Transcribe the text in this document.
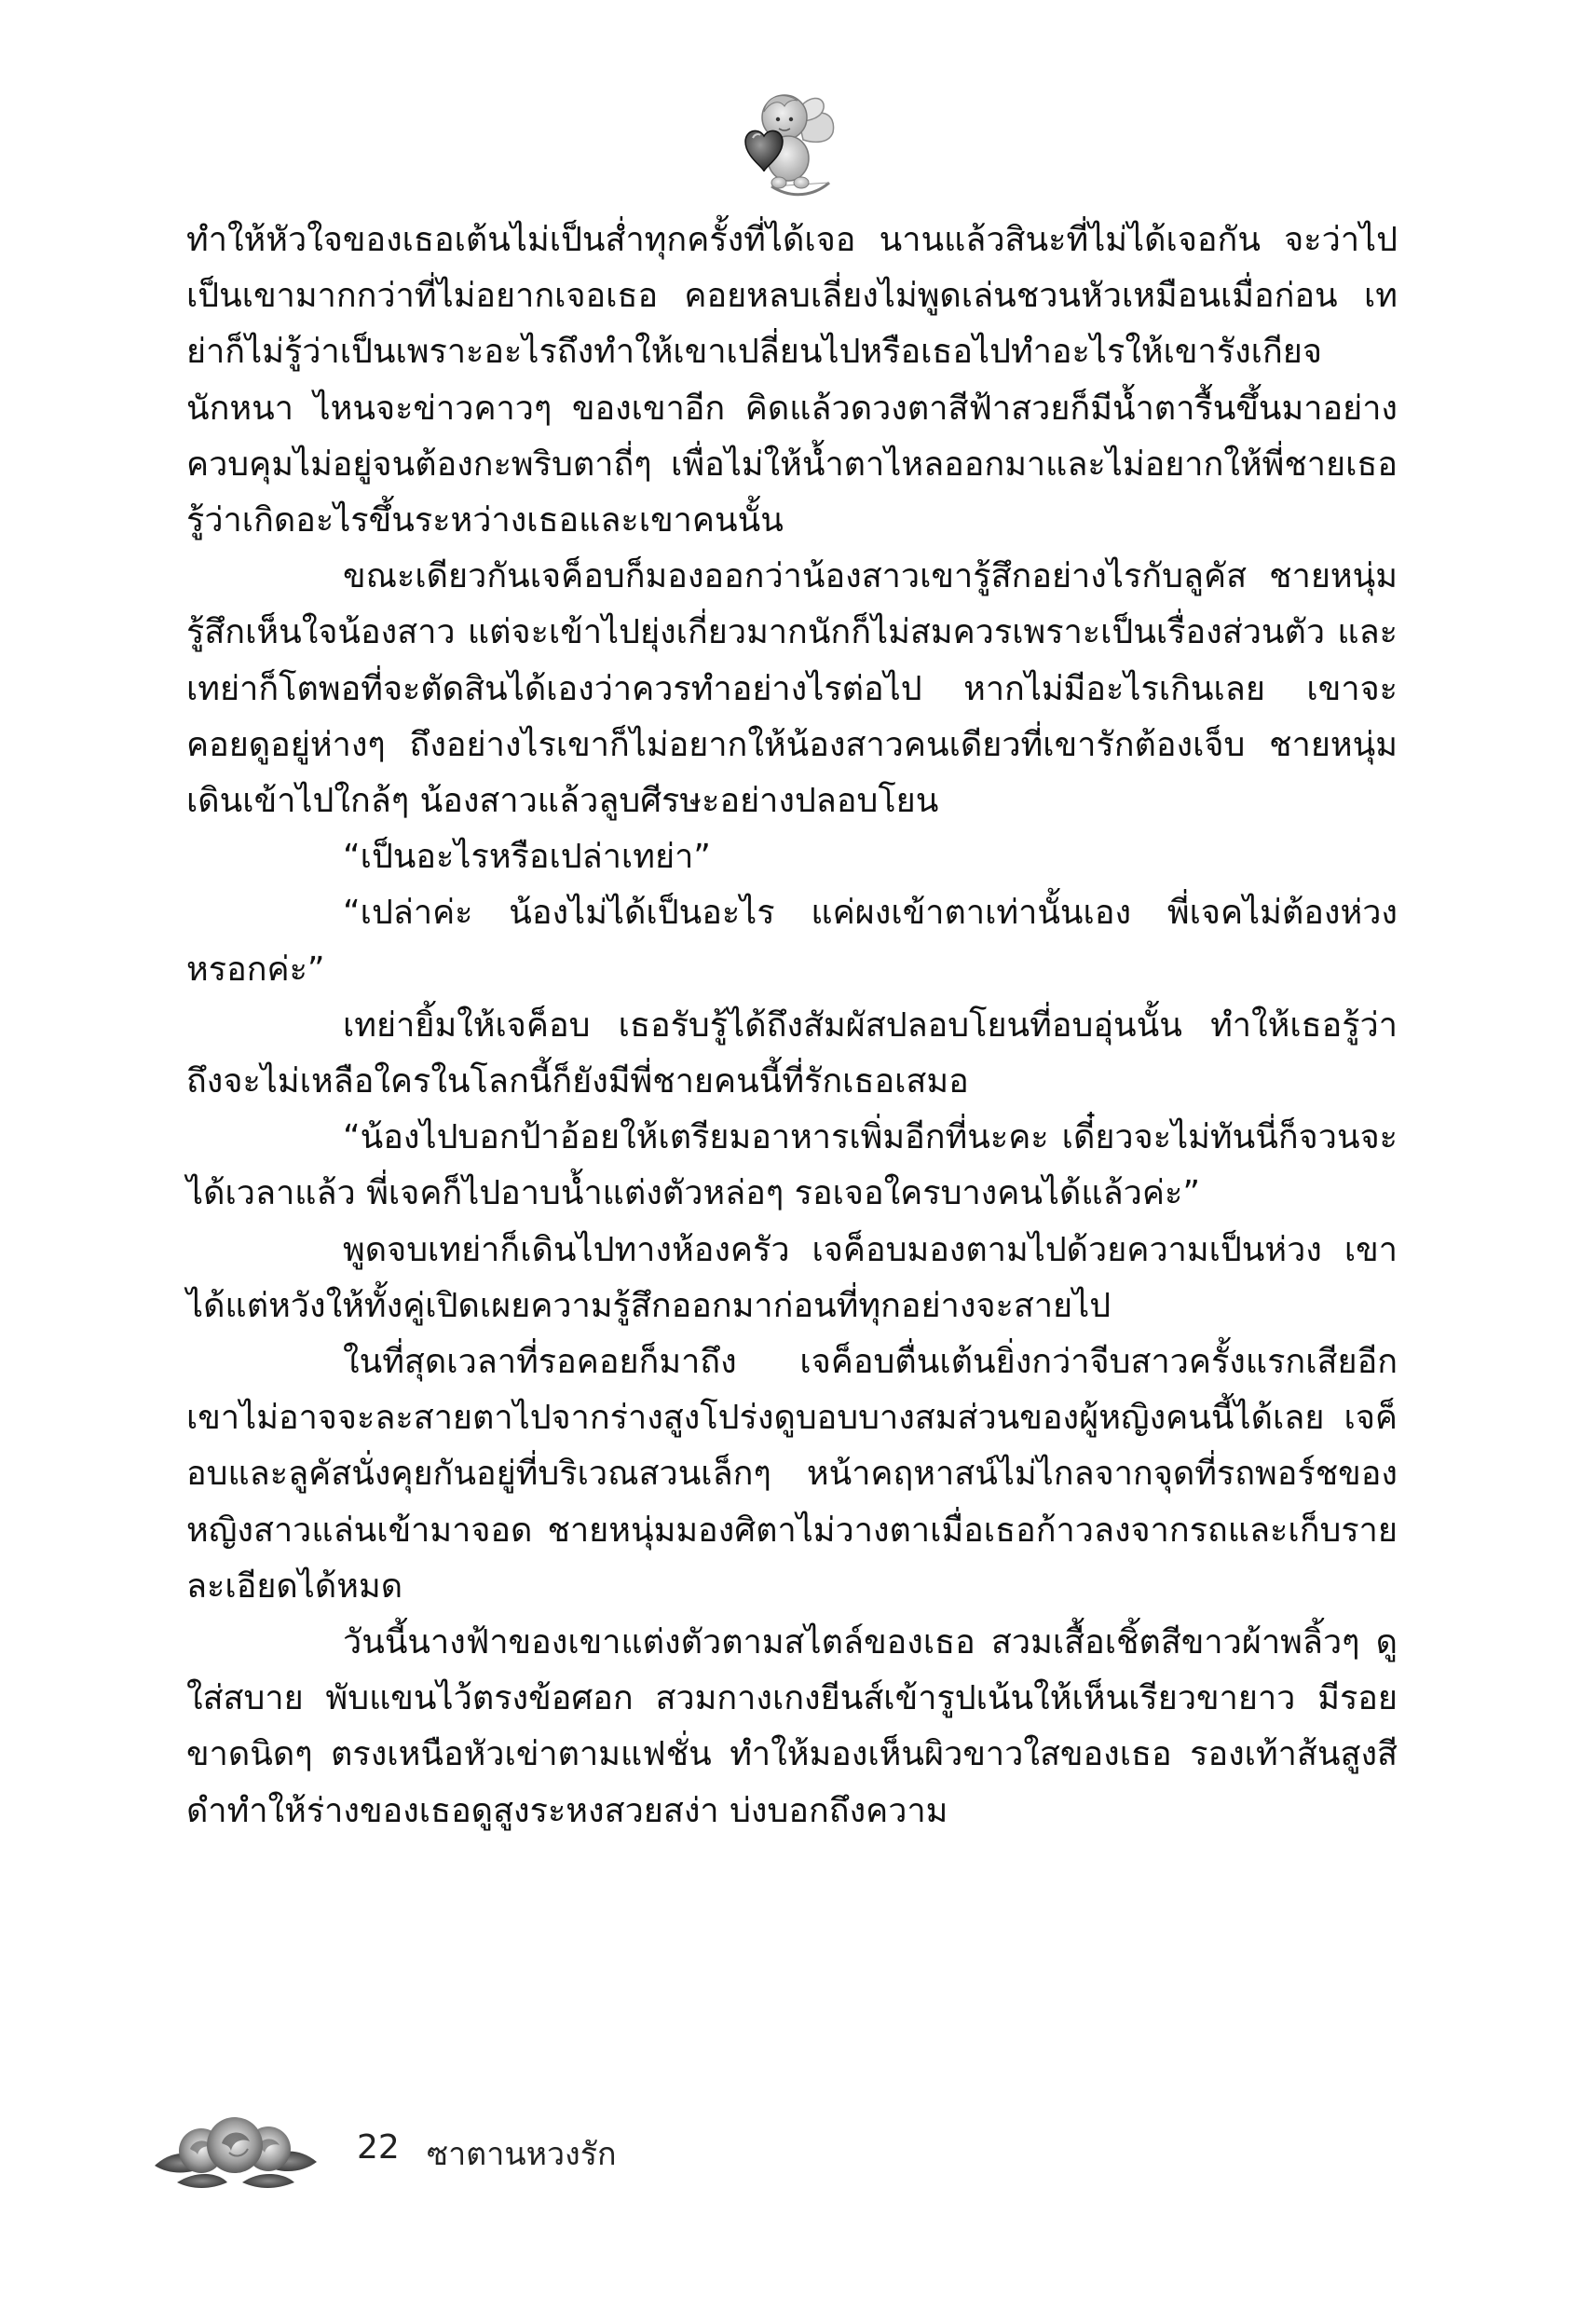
ทำให้หัวใจของเธอเต้นไม่เป็นส่ำทุกครั้งที่ได้เจอ นานแล้วสินะที่ไม่ได้เจอกัน จะว่าไปเป็นเขามากกว่าที่ไม่อยากเจอเธอ คอยหลบเลี่ยงไม่พูดเล่นชวนหัวเหมือนเมื่อก่อน เทย่าก็ไม่รู้ว่าเป็นเพราะอะไรถึงทำให้เขาเปลี่ยนไปหรือเธอไปทำอะไรให้เขารังเกียจนักหนา ไหนจะข่าวคาวๆ ของเขาอีก คิดแล้วดวงตาสีฟ้าสวยก็มีน้ำตารื้นขึ้นมาอย่างควบคุมไม่อยู่จนต้องกะพริบตาถี่ๆ เพื่อไม่ให้น้ำตาไหลออกมาและไม่อยากให้พี่ชายเธอรู้ว่าเกิดอะไรขึ้นระหว่างเธอและเขาคนนั้น

ขณะเดียวกันเจค็อบก็มองออกว่าน้องสาวเขารู้สึกอย่างไรกับลูคัส ชายหนุ่มรู้สึกเห็นใจน้องสาว แต่จะเข้าไปยุ่งเกี่ยวมากนักก็ไม่สมควรเพราะเป็นเรื่องส่วนตัว และเทย่าก็โตพอที่จะตัดสินได้เองว่าควรทำอย่างไรต่อไป หากไม่มีอะไรเกินเลย เขาจะคอยดูอยู่ห่างๆ ถึงอย่างไรเขาก็ไม่อยากให้น้องสาวคนเดียวที่เขารักต้องเจ็บ ชายหนุ่มเดินเข้าไปใกล้ๆ น้องสาวแล้วลูบศีรษะอย่างปลอบโยน

“เป็นอะไรหรือเปล่าเทย่า”

“เปล่าค่ะ น้องไม่ได้เป็นอะไร แค่ผงเข้าตาเท่านั้นเอง พี่เจคไม่ต้องห่วงหรอกค่ะ”

เทย่ายิ้มให้เจค็อบ เธอรับรู้ได้ถึงสัมผัสปลอบโยนที่อบอุ่นนั้น ทำให้เธอรู้ว่าถึงจะไม่เหลือใครในโลกนี้ก็ยังมีพี่ชายคนนี้ที่รักเธอเสมอ

“น้องไปบอกป้าอ้อยให้เตรียมอาหารเพิ่มอีกที่นะคะ เดี๋ยวจะไม่ทันนี่ก็จวนจะได้เวลาแล้ว พี่เจคก็ไปอาบน้ำแต่งตัวหล่อๆ รอเจอใครบางคนได้แล้วค่ะ”

พูดจบเทย่าก็เดินไปทางห้องครัว เจค็อบมองตามไปด้วยความเป็นห่วง เขาได้แต่หวังให้ทั้งคู่เปิดเผยความรู้สึกออกมาก่อนที่ทุกอย่างจะสายไป

ในที่สุดเวลาที่รอคอยก็มาถึง เจค็อบตื่นเต้นยิ่งกว่าจีบสาวครั้งแรกเสียอีก เขาไม่อาจจะละสายตาไปจากร่างสูงโปร่งดูบอบบางสมส่วนของผู้หญิงคนนี้ได้เลย เจค็อบและลูคัสนั่งคุยกันอยู่ที่บริเวณสวนเล็กๆ หน้าคฤหาสน์ไม่ไกลจากจุดที่รถพอร์ชของหญิงสาวแล่นเข้ามาจอด ชายหนุ่มมองศิตาไม่วางตาเมื่อเธอก้าวลงจากรถและเก็บรายละเอียดได้หมด

วันนี้นางฟ้าของเขาแต่งตัวตามสไตล์ของเธอ สวมเสื้อเชิ้ตสีขาวผ้าพลิ้วๆ ดูใส่สบาย พับแขนไว้ตรงข้อศอก สวมกางเกงยีนส์เข้ารูปเน้นให้เห็นเรียวขายาว มีรอยขาดนิดๆ ตรงเหนือหัวเข่าตามแฟชั่น ทำให้มองเห็นผิวขาวใสของเธอ รองเท้าส้นสูงสีดำทำให้ร่างของเธอดูสูงระหงสวยสง่า บ่งบอกถึงความ

22 ซาตานหวงรัก
